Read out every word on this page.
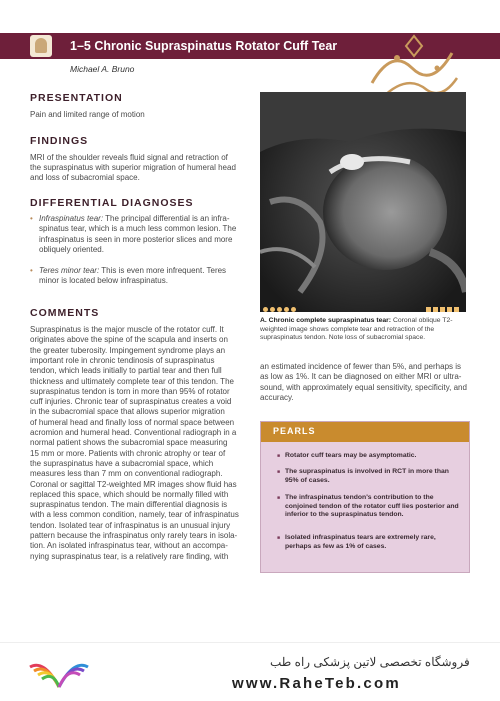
1–5 Chronic Supraspinatus Rotator Cuff Tear
Michael A. Bruno
PRESENTATION
Pain and limited range of motion
FINDINGS
MRI of the shoulder reveals fluid signal and retraction of
the supraspinatus with superior migration of humeral head
and loss of subacromial space.
DIFFERENTIAL DIAGNOSES
• Infraspinatus tear: The principal differential is an infra-spinatus tear, which is a much less common lesion. The infraspinatus is seen in more posterior slices and more obliquely oriented.
• Teres minor tear: This is even more infrequent. Teres minor is located below infraspinatus.
COMMENTS
Supraspinatus is the major muscle of the rotator cuff. It
originates above the spine of the scapula and inserts on
the greater tuberosity. Impingement syndrome plays an
important role in chronic tendinosis of supraspinatus
tendon, which leads initially to partial tear and then full
thickness and ultimately complete tear of this tendon. The
supraspinatus tendon is torn in more than 95% of rotator
cuff injuries. Chronic tear of supraspinatus creates a void
in the subacromial space that allows superior migration
of humeral head and finally loss of normal space between
acromion and humeral head. Conventional radiograph in a
normal patient shows the subacromial space measuring
15 mm or more. Patients with chronic atrophy or tear of
the supraspinatus have a subacromial space, which
measures less than 7 mm on conventional radiograph.
Coronal or sagittal T2-weighted MR images show fluid has
replaced this space, which should be normally filled with
supraspinatus tendon. The main differential diagnosis is
with a less common condition, namely, tear of infraspinatus
tendon. Isolated tear of infraspinatus is an unusual injury
pattern because the infraspinatus only rarely tears in isola-
tion. An isolated infraspinatus tear, without an accompa-
nying supraspinatus tear, is a relatively rare finding, with
A. Chronic complete supraspinatus tear: Coronal oblique T2-weighted image shows complete tear and retraction of the supraspinatus tendon. Note loss of subacromial space.
an estimated incidence of fewer than 5%, and perhaps is
as low as 1%. It can be diagnosed on either MRI or ultra-
sound, with approximately equal sensitivity, specificity, and
accuracy.
PEARLS
■ Rotator cuff tears may be asymptomatic.
■ The supraspinatus is involved in RCT in more than 95% of cases.
■ The infraspinatus tendon's contribution to the conjoined tendon of the rotator cuff lies posterior and inferior to the supraspinatus tendon.
■ Isolated infraspinatus tears are extremely rare, perhaps as few as 1% of cases.
فروشگاه تخصصی لاتین پزشکی راه طب
www.RaheTeb.com
